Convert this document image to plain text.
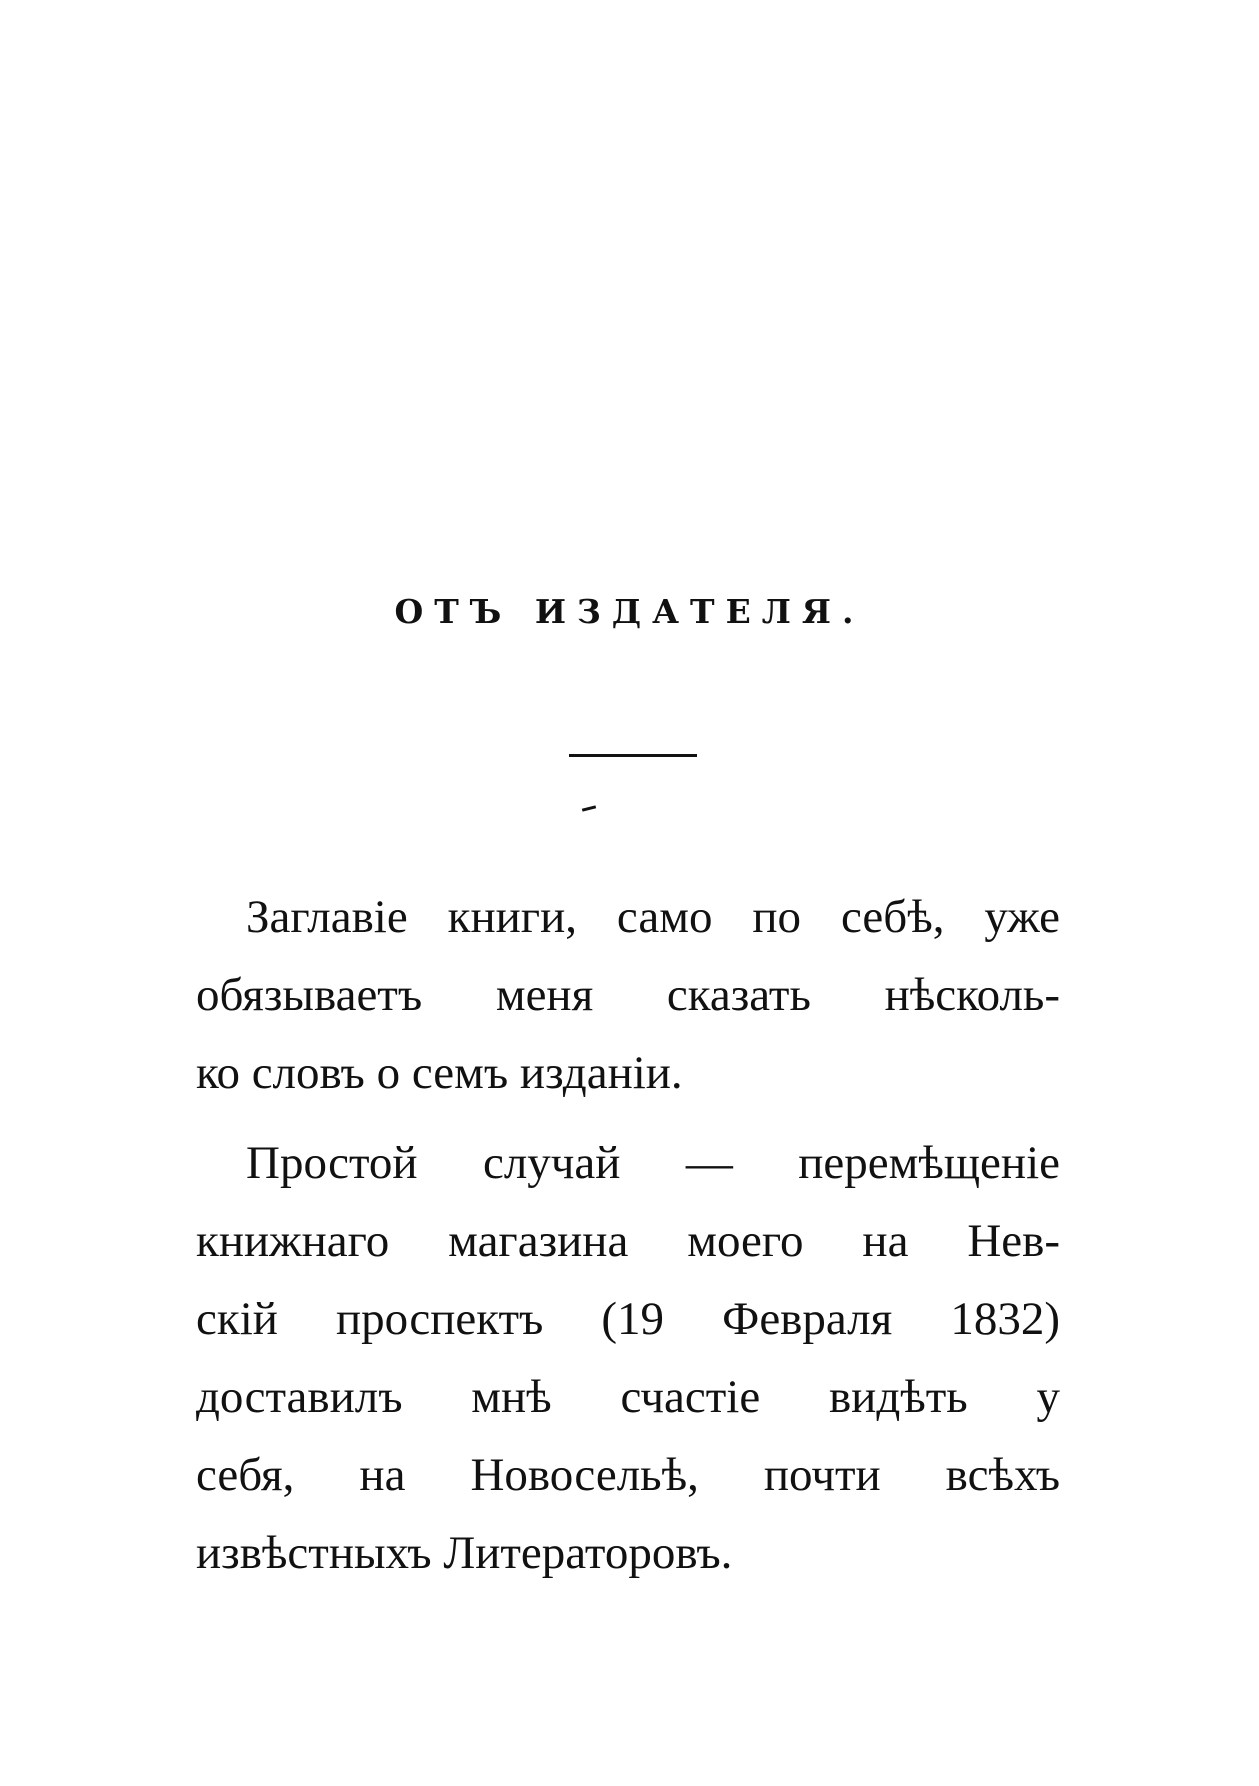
ОТЪ ИЗДАТЕЛЯ.
Заглавіе книги, само по себѣ, уже
обязываетъ меня сказать нѣсколь-
ко словъ о семъ изданіи.
Простой случай — перемѣщеніе
книжнаго магазина моего на Нев-
скій проспектъ (19 Февраля 1832)
доставилъ мнѣ счастіе видѣть у
себя, на Новосельѣ, почти всѣхъ
извѣстныхъ Литераторовъ.
